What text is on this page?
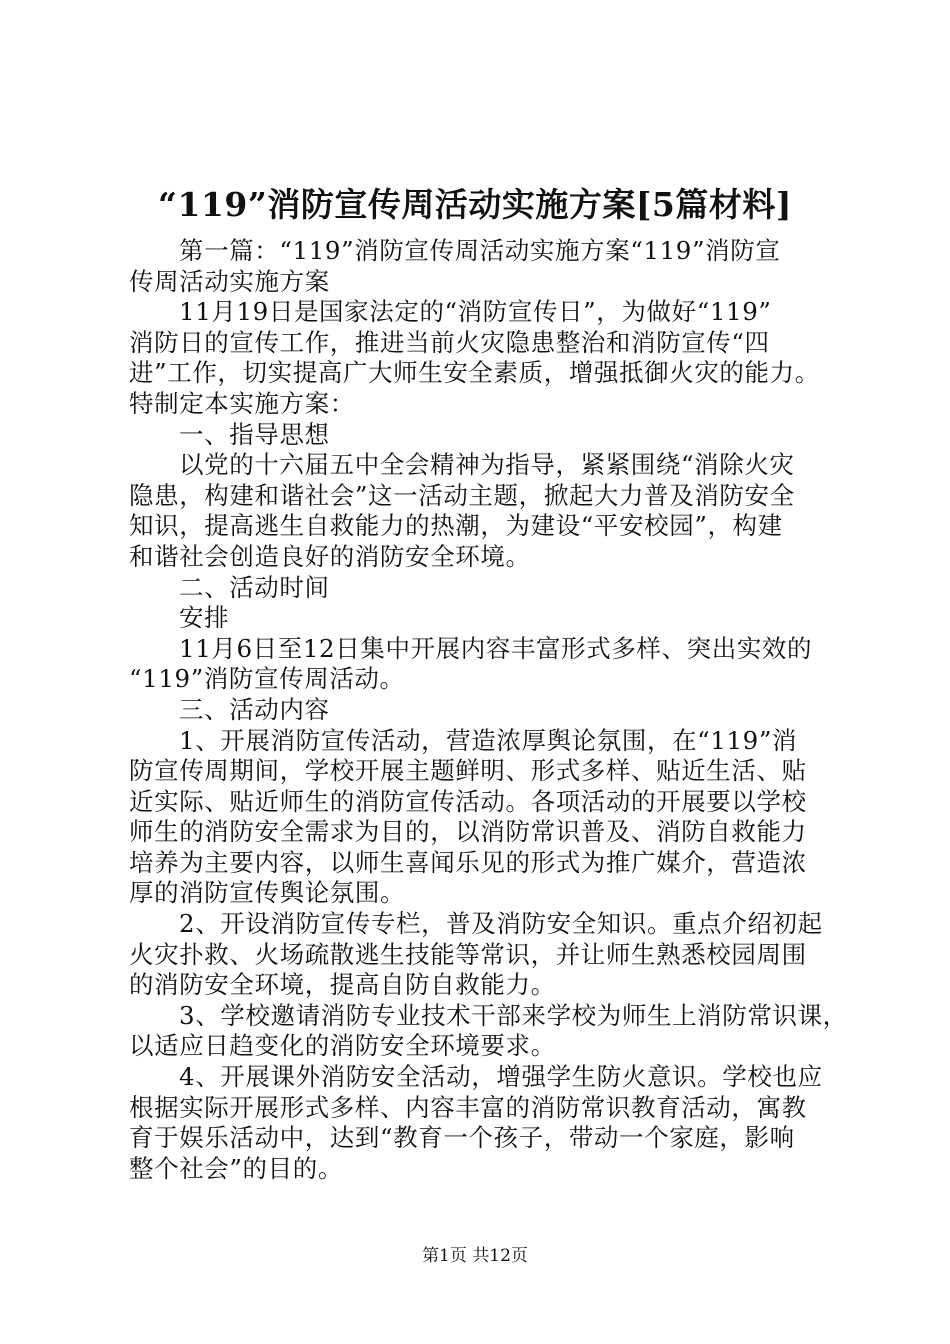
“119”消防宣传周活动实施方案[5篇材料]
第一篇：“119”消防宣传周活动实施方案“119”消防宣
传周活动实施方案
11月19日是国家法定的“消防宣传日”，为做好“119”
消防日的宣传工作，推进当前火灾隐患整治和消防宣传“四
进”工作，切实提高广大师生安全素质，增强抵御火灾的能力。
特制定本实施方案：
一、指导思想
以党的十六届五中全会精神为指导，紧紧围绕“消除火灾
隐患，构建和谐社会”这一活动主题，掀起大力普及消防安全
知识，提高逃生自救能力的热潮，为建设“平安校园”，构建
和谐社会创造良好的消防安全环境。
二、活动时间
安排
11月6日至12日集中开展内容丰富形式多样、突出实效的
“119”消防宣传周活动。
三、活动内容
1、开展消防宣传活动，营造浓厚舆论氛围，在“119”消
防宣传周期间，学校开展主题鲜明、形式多样、贴近生活、贴
近实际、贴近师生的消防宣传活动。各项活动的开展要以学校
师生的消防安全需求为目的，以消防常识普及、消防自救能力
培养为主要内容，以师生喜闻乐见的形式为推广媒介，营造浓
厚的消防宣传舆论氛围。
2、开设消防宣传专栏，普及消防安全知识。重点介绍初起
火灾扑救、火场疏散逃生技能等常识，并让师生熟悉校园周围
的消防安全环境，提高自防自救能力。
3、学校邀请消防专业技术干部来学校为师生上消防常识课，
以适应日趋变化的消防安全环境要求。
4、开展课外消防安全活动，增强学生防火意识。学校也应
根据实际开展形式多样、内容丰富的消防常识教育活动，寓教
育于娱乐活动中，达到“教育一个孩子，带动一个家庭，影响
整个社会”的目的。
第1页 共12页
